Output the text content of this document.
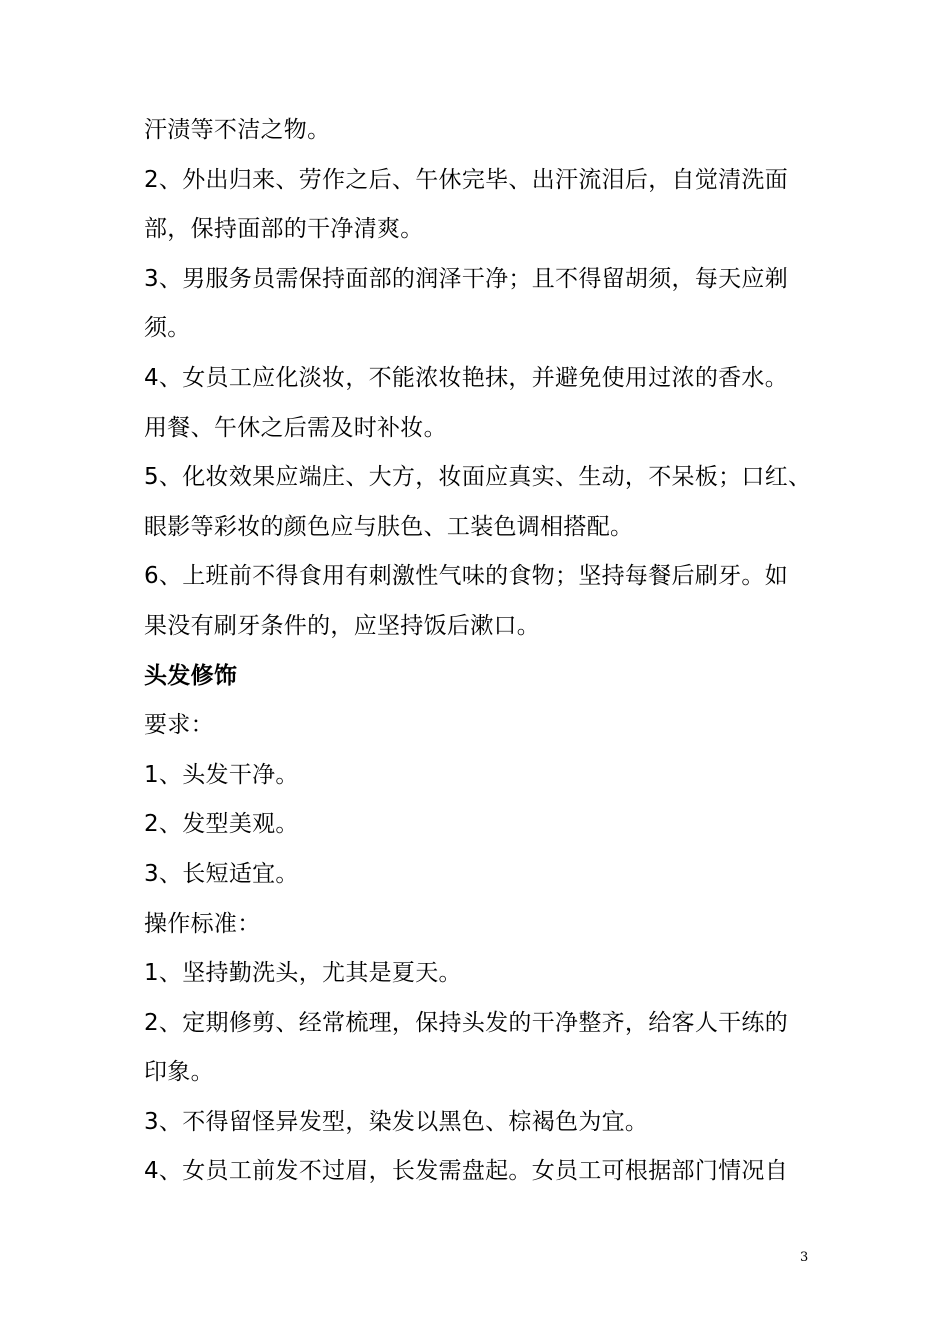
汗渍等不洁之物。
2、外出归来、劳作之后、午休完毕、出汗流泪后，自觉清洗面
部，保持面部的干净清爽。
3、男服务员需保持面部的润泽干净；且不得留胡须，每天应剃
须。
4、女员工应化淡妆，不能浓妆艳抹，并避免使用过浓的香水。
用餐、午休之后需及时补妆。
5、化妆效果应端庄、大方，妆面应真实、生动，不呆板；口红、
眼影等彩妆的颜色应与肤色、工装色调相搭配。
6、上班前不得食用有刺激性气味的食物；坚持每餐后刷牙。如
果没有刷牙条件的，应坚持饭后漱口。
头发修饰
要求：
1、头发干净。
2、发型美观。
3、长短适宜。
操作标准：
1、坚持勤洗头，尤其是夏天。
2、定期修剪、经常梳理，保持头发的干净整齐，给客人干练的
印象。
3、不得留怪异发型，染发以黑色、棕褐色为宜。
4、女员工前发不过眉，长发需盘起。女员工可根据部门情况自
3
